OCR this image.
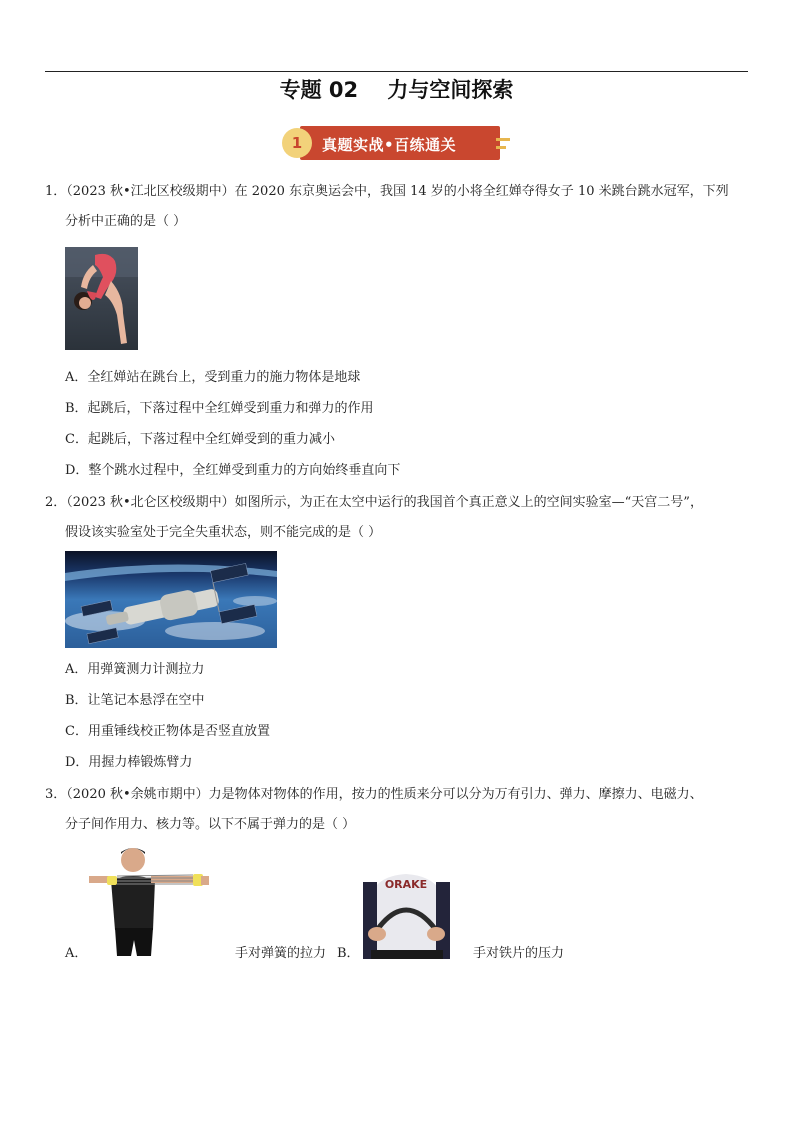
专题 02    力与空间探索
1	真题实战•百练通关
1．（2023 秋•江北区校级期中）在 2020 东京奥运会中，我国 14 岁的小将全红婵夺得女子 10 米跳台跳水冠军，下列
分析中正确的是（ ）
A．全红婵站在跳台上，受到重力的施力物体是地球
B．起跳后，下落过程中全红婵受到重力和弹力的作用
C．起跳后，下落过程中全红婵受到的重力减小
D．整个跳水过程中，全红婵受到重力的方向始终垂直向下
2．（2023 秋•北仑区校级期中）如图所示，为正在太空中运行的我国首个真正意义上的空间实验室—“天宫二号”，
假设该实验室处于完全失重状态，则不能完成的是（ ）
A．用弹簧测力计测拉力
B．让笔记本悬浮在空中
C．用重锤线校正物体是否竖直放置
D．用握力棒锻炼臂力
3．（2020 秋•余姚市期中）力是物体对物体的作用，按力的性质来分可以分为万有引力、弹力、摩擦力、电磁力、
分子间作用力、核力等。以下不属于弹力的是（ ）
ORAKE
A．	手对弹簧的拉力 B．	手对铁片的压力
